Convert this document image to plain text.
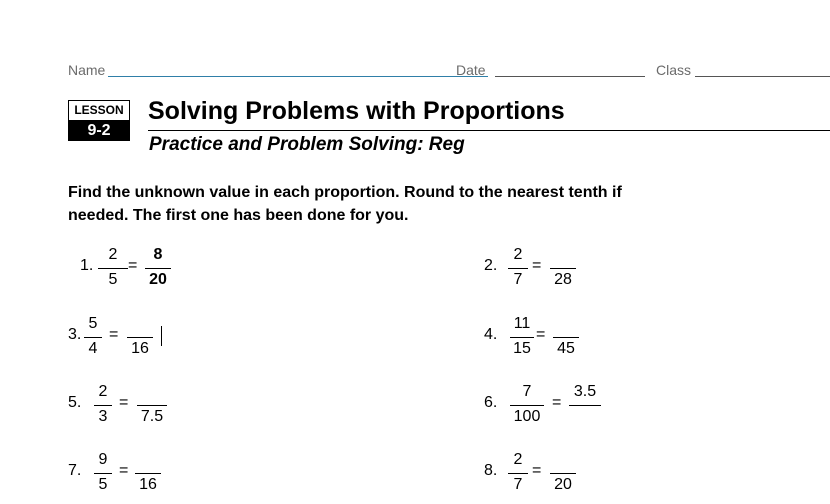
Name	Date	Class
LESSON
9-2
Solving Problems with Proportions
Practice and Problem Solving: Reg
Find the unknown value in each proportion. Round to the nearest tenth if needed. The first one has been done for you.
1.
2
5
=
8
20
2.
2
7
=
28
3.
5
4
=
16
4.
11
15
=
45
5.
2
3
=
7.5
6.
7
100
=
3.5
7.
9
5
=
16
8.
2
7
=
20
